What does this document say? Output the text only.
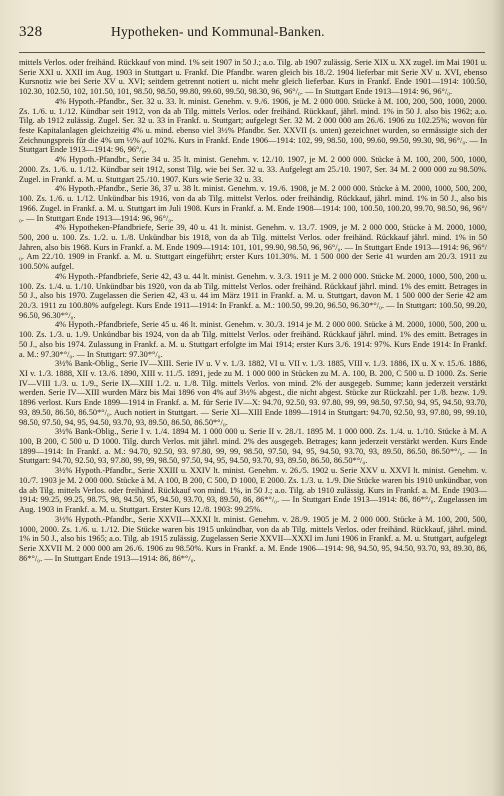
328	Hypotheken- und Kommunal-Banken.

mittels Verlos. oder freihänd. Rückkauf von mind. 1% seit 1907 in 50 J.; a.o. Tilg. ab 1907 zulässig. Serie XIX u. XX zugel. im Mai 1901 u. Serie XXI u. XXII im Aug. 1903 in Stuttgart u. Frankf. Die Pfandbr. waren gleich bis 18./2. 1904 lieferbar mit Serie XV u. XVI, ebenso Kursnotiz wie bei Serie XV u. XVI; seitdem getrennt notiert u. nicht mehr gleich lieferbar. Kurs in Frankf. Ende 1901—1914: 100.50, 102.30, 102.50, 102, 101.50, 101, 98.50, 98.50, 99.80, 99.60, 99.50, 98.30, 96, 96°/₀. — In Stuttgart Ende 1913—1914: 96, 96°/₀.

4% Hypoth.-Pfandbr., Ser. 32 u. 33. lt. minist. Genehm. v. 9./6. 1906, je M. 2 000 000. Stücke à M. 100, 200, 500, 1000, 2000. Zs. 1./6. u. 1./12. Kündbar seit 1912, von da ab Tilg. mittels Verlos. oder freihänd. Rückkauf, jährl. mind. 1% in 50 J. also bis 1962; a.o. Tilg. ab 1912 zulässig. Zugel. Ser. 32 u. 33 in Frankf. u. Stuttgart; aufgelegt Ser. 32 M. 2 000 000 am 26./6. 1906 zu 102.25%; wovon für feste Kapitalanlagen gleichzeitig 4% u. mind. ebenso viel 3½% Pfandbr. Ser. XXVII (s. unten) gezeichnet wurden, so ermässigte sich der Zeichnungspreis für die 4% um ½% auf 102%. Kurs in Frankf. Ende 1906—1914: 102, 99, 98.50, 100, 99.60, 99.50, 99.30, 98, 96°/₀. — In Stuttgart Ende 1913—1914: 96, 96°/₀.

4% Hypoth.-Pfandbr., Serie 34 u. 35 lt. minist. Genehm. v. 12./10. 1907, je M. 2 000 000. Stücke à M. 100, 200, 500, 1000, 2000. Zs. 1./6. u. 1./12. Kündbar seit 1912, sonst Tilg. wie bei Ser. 32 u. 33. Aufgelegt am 25./10. 1907, Ser. 34 M. 2 000 000 zu 98.50%. Zugel. in Frankf. a. M. u. Stuttgart 25./10. 1907. Kurs wie Serie 32 u. 33.

4% Hypoth.-Pfandbr., Serie 36, 37 u. 38 lt. minist. Genehm. v. 19./6. 1908, je M. 2 000 000. Stücke à M. 2000, 1000, 500, 200, 100. Zs. 1./6. u. 1./12. Unkündbar bis 1916, von da ab Tilg. mittelst Verlos. oder freihändig. Rückkauf, jährl. mind. 1% in 50 J., also bis 1966. Zugel. in Frankf. a. M. u. Stuttgart im Juli 1908. Kurs in Frankf. a. M. Ende 1908—1914: 100, 100.50, 100.20, 99.70, 98.50, 96, 96°/₀. — In Stuttgart Ende 1913—1914: 96, 96°/₀.

4% Hypotheken-Pfandbriefe, Serie 39, 40 u. 41 lt. minist. Genehm. v. 13./7. 1909, je M. 2 000 000, Stücke à M. 2000, 1000, 500, 200 u. 100. Zs. 1./2. u. 1./8. Unkündbar bis 1918, von da ab Tilg. mittelst Verlos. oder freihänd. Rückkauf jährl. mind. 1% in 50 Jahren, also bis 1968. Kurs in Frankf. a. M. Ende 1909—1914: 101, 101, 99.90, 98.50, 96, 96°/₀. — In Stuttgart Ende 1913—1914: 96, 96°/₀. Am 22./10. 1909 in Frankf. a. M. u. Stuttgart eingeführt; erster Kurs 101.30%. M. 1 500 000 der Serie 41 wurden am 20./3. 1911 zu 100.50% aufgel.

4% Hypoth.-Pfandbriefe, Serie 42, 43 u. 44 lt. minist. Genehm. v. 3./3. 1911 je M. 2 000 000. Stücke M. 2000, 1000, 500, 200 u. 100. Zs. 1./4. u. 1./10. Unkündbar bis 1920, von da ab Tilg. mittelst Verlos. oder freihänd. Rückkauf jährl. mind. 1% des emitt. Betrages in 50 J., also bis 1970. Zugelassen die Serien 42, 43 u. 44 im März 1911 in Frankf. a. M. u. Stuttgart, davon M. 1 500 000 der Serie 42 am 20./3. 1911 zu 100.80% aufgelegt. Kurs Ende 1911—1914: In Frankf. a. M.: 100.50, 99.20, 96.50, 96.30*°/₀. — In Stuttgart: 100.50, 99.20, 96.50, 96.30*°/₀.

4% Hypoth.-Pfandbriefe, Serie 45 u. 46 lt. minist. Genehm. v. 30./3. 1914 je M. 2 000 000. Stücke à M. 2000, 1000, 500, 200 u. 100. Zs. 1./3. u. 1./9. Unkündbar bis 1924, von da ab Tilg. mittelst Verlos. oder freihänd. Rückkauf jährl. mind. 1% des emitt. Betrages in 50 J., also bis 1974. Zulassung in Frankf. a. M. u. Stuttgart erfolgte im Mai 1914; erster Kurs 3./6. 1914: 97%. Kurs Ende 1914: In Frankf. a. M.: 97.30*°/₀. — In Stuttgart: 97.30*°/₀.

3½% Bank-Oblig., Serie IV—XIII. Serie IV u. V v. 1./3. 1882, VI u. VII v. 1./3. 1885, VIII v. 1./3. 1886, IX u. X v. 15./6. 1886, XI v. 1./3. 1888, XII v. 13./6. 1890, XIII v. 11./5. 1891, jede zu M. 1 000 000 in Stücken zu M. A. 100, B. 200, C 500 u. D 1000. Zs. Serie IV—VIII 1./3. u. 1./9., Serie IX—XIII 1./2. u. 1./8. Tilg. mittels Verlos. von mind. 2% der ausgegeb. Summe; kann jederzeit verstärkt werden. Serie IV—XIII wurden März bis Mai 1896 von 4% auf 3½% abgest., die nicht abgest. Stücke zur Rückzahl. per 1./8. bezw. 1./9. 1896 verlost. Kurs Ende 1899—1914 in Frankf. a. M. für Serie IV—X: 94.70, 92.50, 93. 97.80, 99, 99, 98.50, 97.50, 94, 95, 94.50, 93.70, 93, 89.50, 86.50, 86.50*°/₀. Auch notiert in Stuttgart. — Serie XI—XIII Ende 1899—1914 in Stuttgart: 94.70, 92.50, 93, 97.80, 99, 99.10, 98.50, 97.50, 94, 95, 94.50, 93.70, 93, 89.50, 86.50, 86.50*°/₀.

3½% Bank-Oblig., Serie I v. 1./4. 1894 M. 1 000 000 u. Serie II v. 28./1. 1895 M. 1 000 000. Zs. 1./4. u. 1./10. Stücke à M. A 100, B 200, C 500 u. D 1000. Tilg. durch Verlos. mit jährl. mind. 2% des ausgegeb. Betrages; kann jederzeit verstärkt werden. Kurs Ende 1899—1914: In Frankf. a. M.: 94.70, 92.50, 93. 97.80, 99, 99, 98.50, 97.50, 94, 95, 94.50, 93.70, 93, 89.50, 86.50, 86.50*°/₀. — In Stuttgart: 94.70, 92.50, 93, 97.80, 99, 99, 98.50, 97.50, 94, 95, 94.50, 93.70, 93, 89.50, 86.50, 86.50*°/₀.

3½% Hypoth.-Pfandbr., Serie XXIII u. XXIV lt. minist. Genehm. v. 26./5. 1902 u. Serie XXV u. XXVI lt. minist. Genehm. v. 10./7. 1903 je M. 2 000 000. Stücke à M. A 100, B 200, C 500, D 1000, E 2000. Zs. 1./3. u. 1./9. Die Stücke waren bis 1910 unkündbar, von da ab Tilg. mittels Verlos. oder freihänd. Rückkauf von mind. 1%, in 50 J.; a.o. Tilg. ab 1910 zulässig. Kurs in Frankf. a. M. Ende 1903—1914: 99.25, 99.25, 98.75, 98, 94.50, 95, 94.50, 93.70, 93, 89.50, 86, 86*°/₀. — In Stuttgart Ende 1913—1914: 86, 86*°/₀. Zugelassen im Aug. 1903 in Frankf. a. M. u. Stuttgart. Erster Kurs 12./8. 1903: 99.25%.

3½% Hypoth.-Pfandbr., Serie XXVII—XXXI lt. minist. Genehm. v. 28./9. 1905 je M. 2 000 000. Stücke à M. 100, 200, 500, 1000, 2000. Zs. 1./6. u. 1./12. Die Stücke waren bis 1915 unkündbar, von da ab Tilg. mittels Verlos. oder freihänd. Rückkauf, jährl. mind. 1% in 50 J., also bis 1965; a.o. Tilg. ab 1915 zulässig. Zugelassen Serie XXVII—XXXI im Juni 1906 in Frankf. a. M. u. Stuttgart, aufgelegt Serie XXVII M. 2 000 000 am 26./6. 1906 zu 98.50%. Kurs in Frankf. a. M. Ende 1906—1914: 98, 94.50, 95, 94.50, 93.70, 93, 89.30, 86, 86*°/₀. — In Stuttgart Ende 1913—1914: 86, 86*°/₀.
